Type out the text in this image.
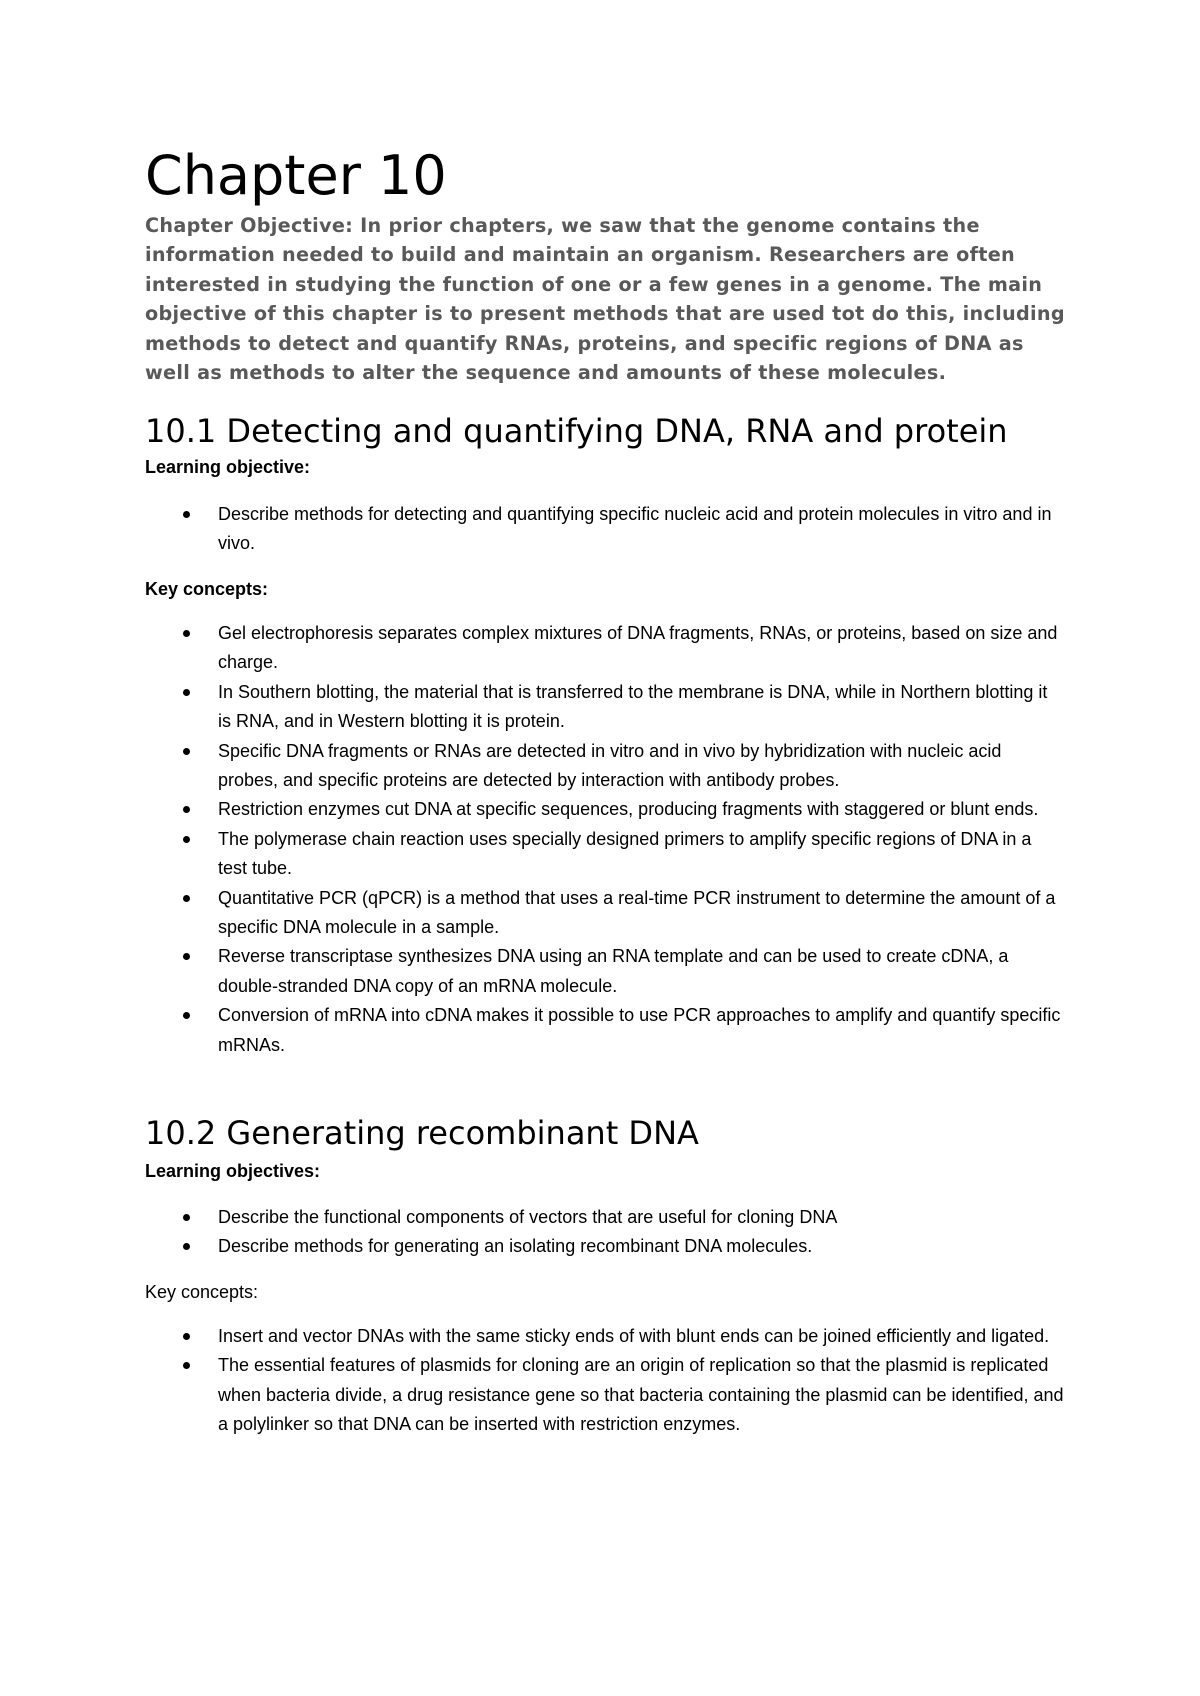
Chapter 10

Chapter Objective: In prior chapters, we saw that the genome contains the information needed to build and maintain an organism. Researchers are often interested in studying the function of one or a few genes in a genome. The main objective of this chapter is to present methods that are used tot do this, including methods to detect and quantify RNAs, proteins, and specific regions of DNA as well as methods to alter the sequence and amounts of these molecules.

10.1 Detecting and quantifying DNA, RNA and protein
Learning objective:
Describe methods for detecting and quantifying specific nucleic acid and protein molecules in vitro and in vivo.
Key concepts:
Gel electrophoresis separates complex mixtures of DNA fragments, RNAs, or proteins, based on size and charge.
In Southern blotting, the material that is transferred to the membrane is DNA, while in Northern blotting it is RNA, and in Western blotting it is protein.
Specific DNA fragments or RNAs are detected in vitro and in vivo by hybridization with nucleic acid probes, and specific proteins are detected by interaction with antibody probes.
Restriction enzymes cut DNA at specific sequences, producing fragments with staggered or blunt ends.
The polymerase chain reaction uses specially designed primers to amplify specific regions of DNA in a test tube.
Quantitative PCR (qPCR) is a method that uses a real-time PCR instrument to determine the amount of a specific DNA molecule in a sample.
Reverse transcriptase synthesizes DNA using an RNA template and can be used to create cDNA, a double-stranded DNA copy of an mRNA molecule.
Conversion of mRNA into cDNA makes it possible to use PCR approaches to amplify and quantify specific mRNAs.
10.2 Generating recombinant DNA
Learning objectives:
Describe the functional components of vectors that are useful for cloning DNA
Describe methods for generating an isolating recombinant DNA molecules.
Key concepts:
Insert and vector DNAs with the same sticky ends of with blunt ends can be joined efficiently and ligated.
The essential features of plasmids for cloning are an origin of replication so that the plasmid is replicated when bacteria divide, a drug resistance gene so that bacteria containing the plasmid can be identified, and a polylinker so that DNA can be inserted with restriction enzymes.
